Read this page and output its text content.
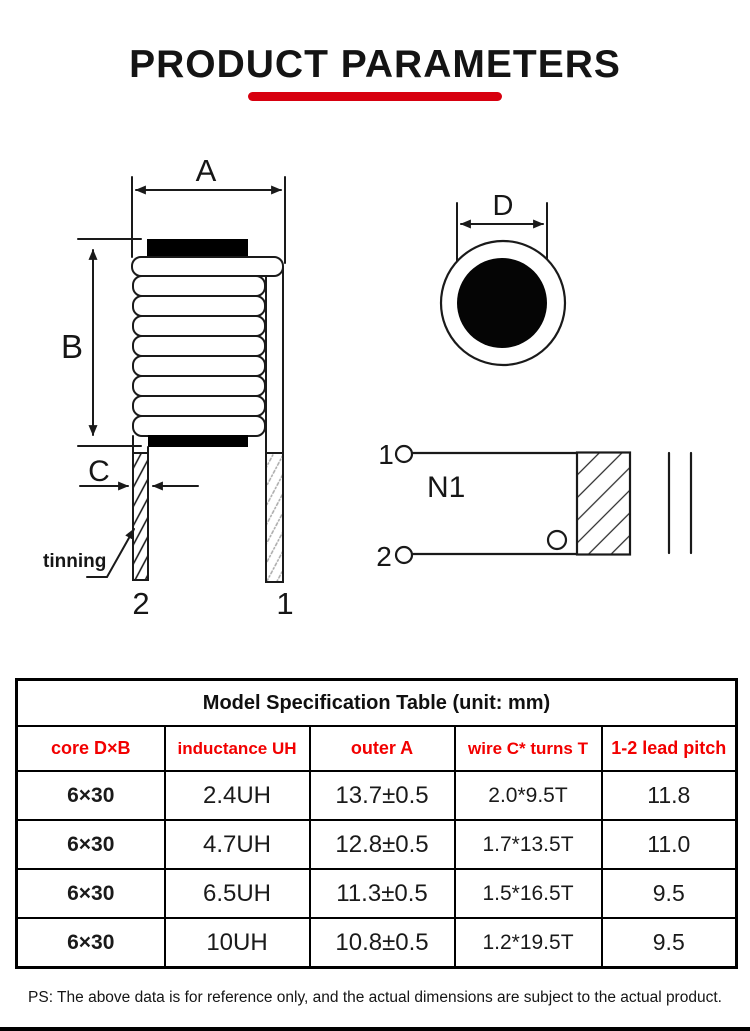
PRODUCT PARAMETERS
A
B
C
tinning
2	1
D
1
2
N1
Model Specification Table (unit: mm)				
core D×B	inductance UH	outer A	wire C* turns T	1-2 lead pitch
6×30	2.4UH	13.7±0.5	2.0*9.5T	11.8
6×30	4.7UH	12.8±0.5	1.7*13.5T	11.0
6×30	6.5UH	11.3±0.5	1.5*16.5T	9.5
6×30	10UH	10.8±0.5	1.2*19.5T	9.5
PS: The above data is for reference only, and the actual dimensions are subject to the actual product.
